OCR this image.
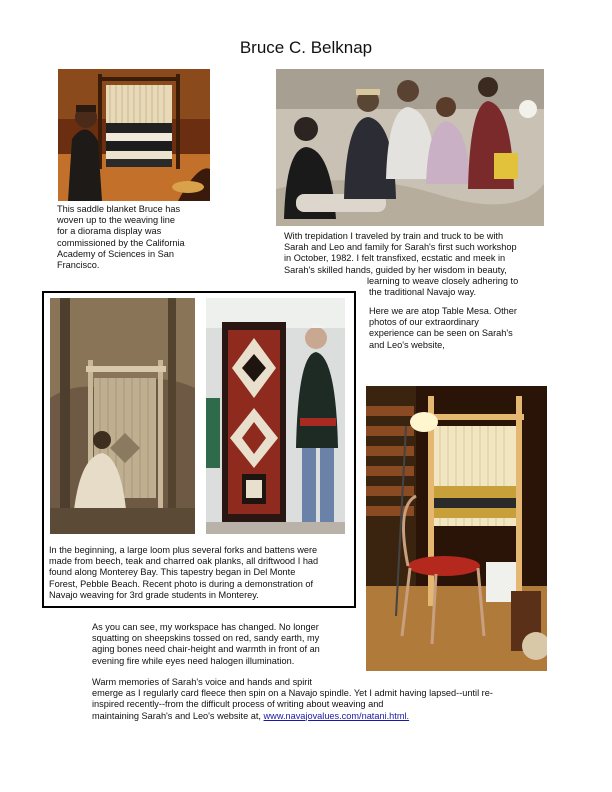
Bruce C. Belknap
This saddle blanket Bruce has
woven up to the weaving line
for a diorama display was
commissioned by the California
Academy of Sciences in San
Francisco.
With trepidation I traveled by train and truck to be with
Sarah and Leo and family for Sarah's first such workshop
in October, 1982. I felt transfixed, ecstatic and meek in
Sarah's skilled hands, guided by her wisdom in beauty,
learning to weave closely adhering to
the traditional Navajo way.
Here we are atop Table Mesa. Other
photos of our extraordinary
experience can be seen on Sarah's
and Leo's website,
In the beginning, a large loom plus several forks and battens were
made from beech, teak and charred oak planks, all driftwood I had
found along Monterey Bay. This tapestry began in Del Monte
Forest, Pebble Beach. Recent photo is during a demonstration of
Navajo weaving for 3rd grade students in Monterey.
As you can see, my workspace has changed. No longer
squatting on sheepskins tossed on red, sandy earth, my
aging bones need chair-height and warmth in front of an
evening fire while eyes need halogen illumination.
Warm memories of Sarah's voice and hands and spirit
emerge as I regularly card fleece then spin on a Navajo spindle. Yet I admit having lapsed--until re-
inspired recently--from the difficult process of writing about weaving and
maintaining Sarah's and Leo's website at, www.navajovalues.com/natani.html.
